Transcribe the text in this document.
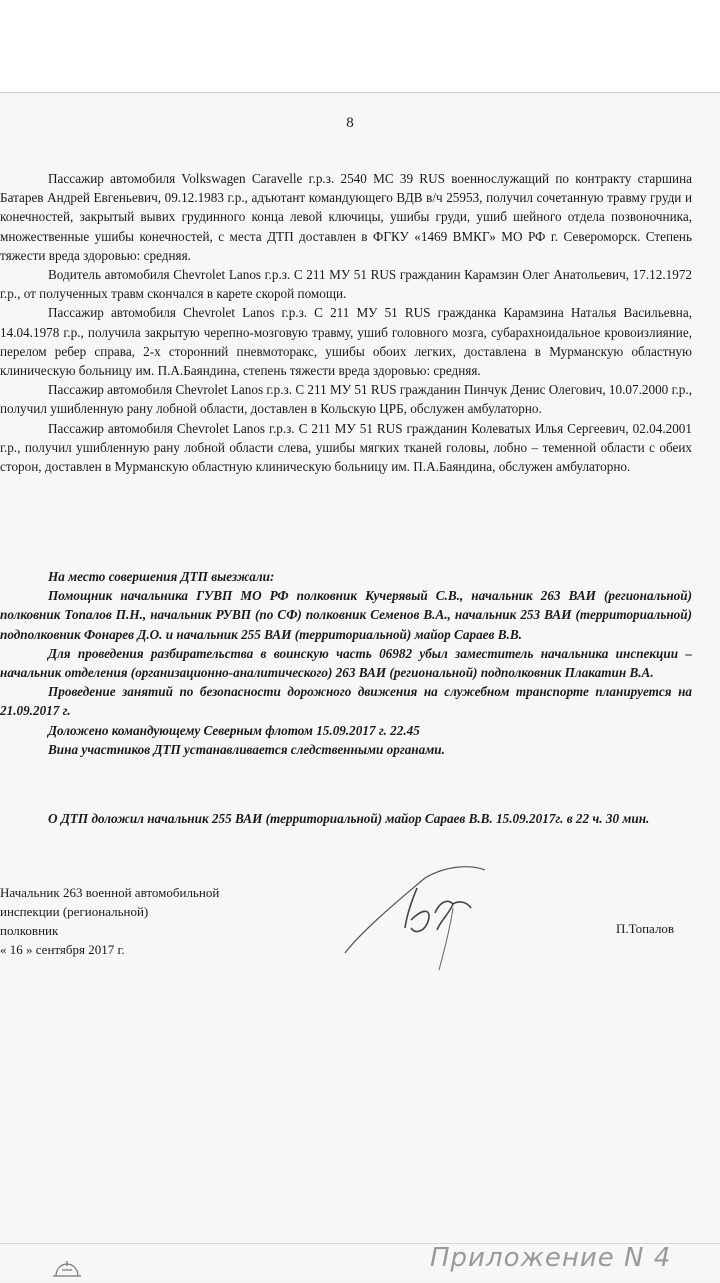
8

Пассажир автомобиля Volkswagen Caravelle г.р.з. 2540 МС 39 RUS военнослужащий по контракту старшина Батарев Андрей Евгеньевич, 09.12.1983 г.р., адъютант командующего ВДВ в/ч 25953, получил сочетанную травму груди и конечностей, закрытый вывих грудинного конца левой ключицы, ушибы груди, ушиб шейного отдела позвоночника, множественные ушибы конечностей, с места ДТП доставлен в ФГКУ «1469 ВМКГ» МО РФ г. Североморск. Степень тяжести вреда здоровью: средняя.

Водитель автомобиля Chevrolet Lanos г.р.з. С 211 МУ 51 RUS гражданин Карамзин Олег Анатольевич, 17.12.1972 г.р., от полученных травм скончался в карете скорой помощи.

Пассажир автомобиля Chevrolet Lanos г.р.з. С 211 МУ 51 RUS гражданка Карамзина Наталья Васильевна, 14.04.1978 г.р., получила закрытую черепно-мозговую травму, ушиб головного мозга, субарахноидальное кровоизлияние, перелом ребер справа, 2-х сторонний пневмоторакс, ушибы обоих легких, доставлена в Мурманскую областную клиническую больницу им. П.А.Баяндина, степень тяжести вреда здоровью: средняя.

Пассажир автомобиля Chevrolet Lanos г.р.з. С 211 МУ 51 RUS гражданин Пинчук Денис Олегович, 10.07.2000 г.р., получил ушибленную рану лобной области, доставлен в Кольскую ЦРБ, обслужен амбулаторно.

Пассажир автомобиля Chevrolet Lanos г.р.з. С 211 МУ 51 RUS гражданин Колеватых Илья Сергеевич, 02.04.2001 г.р., получил ушибленную рану лобной области слева, ушибы мягких тканей головы, лобно – теменной области с обеих сторон, доставлен в Мурманскую областную клиническую больницу им. П.А.Баяндина, обслужен амбулаторно.

На место совершения ДТП выезжали:

Помощник начальника ГУВП МО РФ полковник Кучерявый С.В., начальник 263 ВАИ (региональной) полковник Топалов П.Н., начальник РУВП (по СФ) полковник Семенов В.А., начальник 253 ВАИ (территориальной) подполковник Фонарев Д.О. и начальник 255 ВАИ (территориальной) майор Сараев В.В.

Для проведения разбирательства в воинскую часть 06982 убыл заместитель начальника инспекции – начальник отделения (организационно-аналитического) 263 ВАИ (региональной) подполковник Плакатин В.А.

Проведение занятий по безопасности дорожного движения на служебном транспорте планируется на 21.09.2017 г.

Доложено командующему Северным флотом 15.09.2017 г. 22.45

Вина участников ДТП устанавливается следственными органами.

О ДТП доложил начальник 255 ВАИ (территориальной) майор Сараев В.В. 15.09.2017г. в 22 ч. 30 мин.

Начальник 263 военной автомобильной
инспекции (региональной)
полковник
« 16 » сентября 2017 г.
П.Топалов
Приложение N 4
